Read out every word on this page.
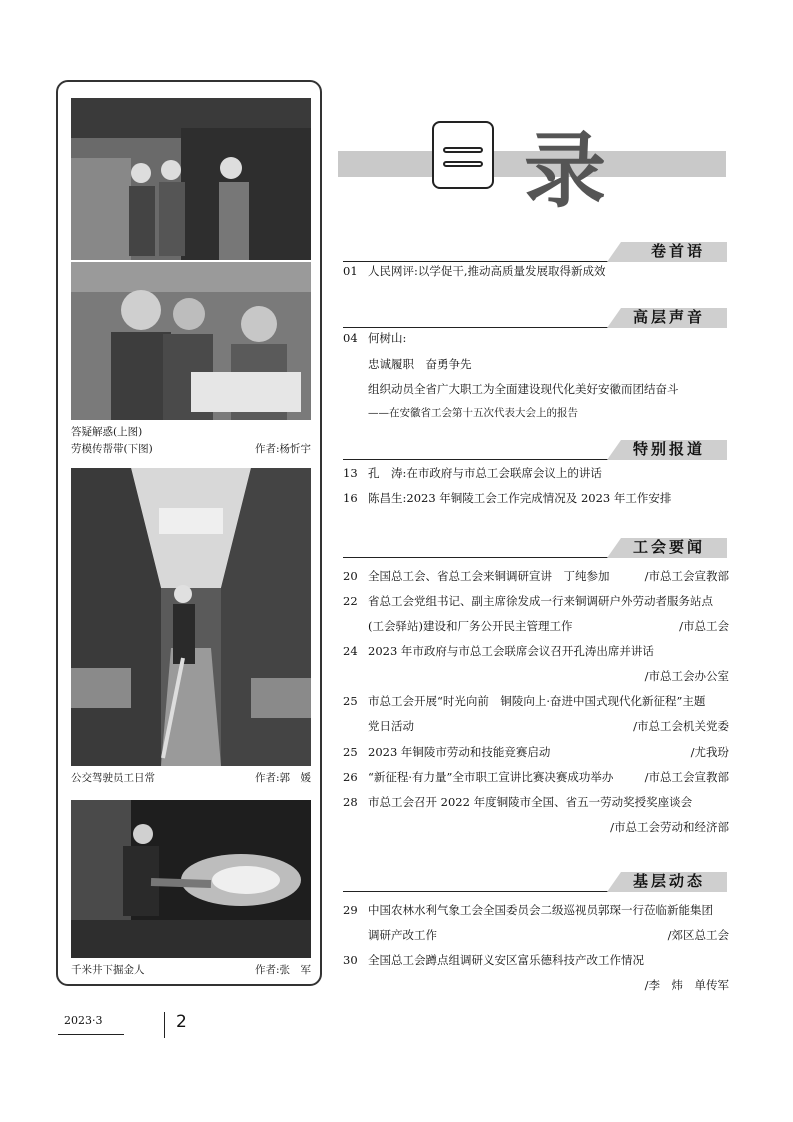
答疑解惑(上图)
劳模传帮带(下图)	作者:杨忻宇
公交驾驶员工日常	作者:郭　媛
千米井下掘金人	作者:张　军
2023·3	2
录
卷首语
01 人民网评:以学促干,推动高质量发展取得新成效
高层声音
04 何树山:
忠诚履职　奋勇争先
组织动员全省广大职工为全面建设现代化美好安徽而团结奋斗
——在安徽省工会第十五次代表大会上的报告
特别报道
13 孔　涛:在市政府与市总工会联席会议上的讲话
16 陈昌生:2023 年铜陵工会工作完成情况及 2023 年工作安排
工会要闻
20 全国总工会、省总工会来铜调研宣讲　丁纯参加	/市总工会宣教部
22 省总工会党组书记、副主席徐发成一行来铜调研户外劳动者服务站点
(工会驿站)建设和厂务公开民主管理工作	/市总工会
24 2023 年市政府与市总工会联席会议召开孔涛出席并讲话
/市总工会办公室
25 市总工会开展“时光向前　铜陵向上·奋进中国式现代化新征程”主题
党日活动	/市总工会机关党委
25 2023 年铜陵市劳动和技能竞赛启动	/尤我玢
26 “新征程·有力量”全市职工宣讲比赛决赛成功举办	/市总工会宣教部
28 市总工会召开 2022 年度铜陵市全国、省五一劳动奖授奖座谈会
/市总工会劳动和经济部
基层动态
29 中国农林水利气象工会全国委员会二级巡视员郭琛一行莅临新能集团
调研产改工作	/郊区总工会
30 全国总工会蹲点组调研义安区富乐德科技产改工作情况
/李　炜　单传军
